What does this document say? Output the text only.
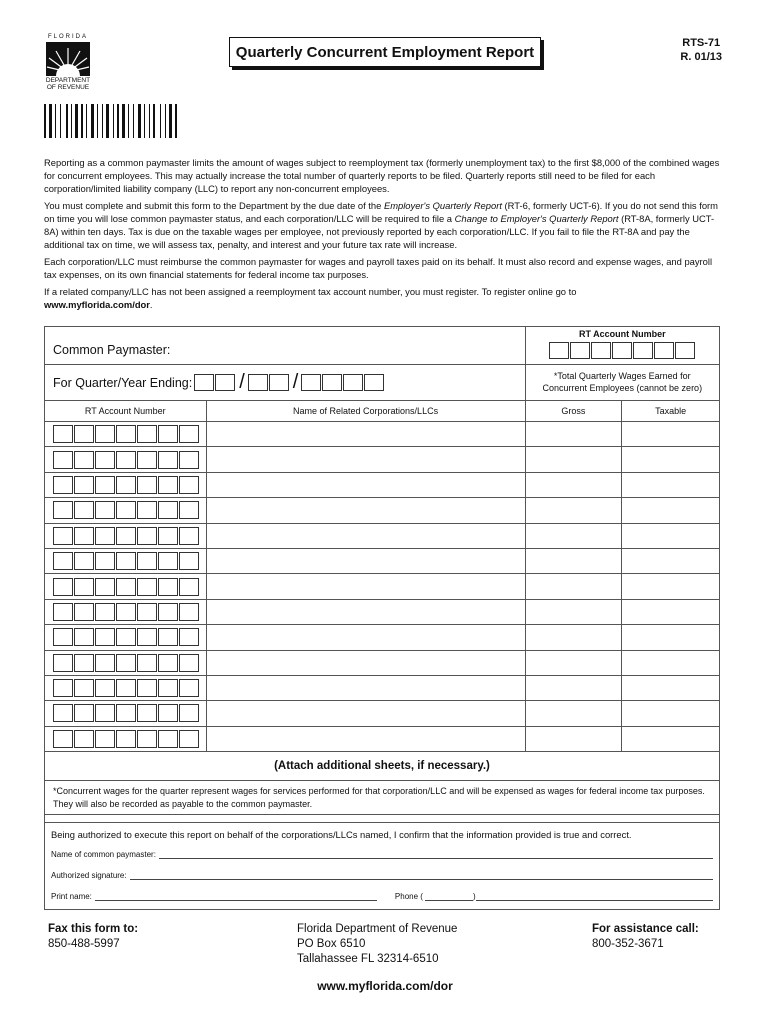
FLORIDA
DEPARTMENT
OF REVENUE
Quarterly Concurrent Employment Report
RTS-71
R. 01/13

Reporting as a common paymaster limits the amount of wages subject to reemployment tax (formerly unemployment tax) to the first $8,000 of the combined wages for concurrent employees. This may actually increase the total number of quarterly reports to be filed. Quarterly reports still need to be filed for each corporation/limited liability company (LLC) to report any non-concurrent employees.

You must complete and submit this form to the Department by the due date of the Employer's Quarterly Report (RT-6, formerly UCT-6). If you do not send this form on time you will lose common paymaster status, and each corporation/LLC will be required to file a Change to Employer's Quarterly Report (RT-8A, formerly UCT-8A) within ten days. Tax is due on the taxable wages per employee, not previously reported by each corporation/LLC. If you fail to file the RT-8A and pay the additional tax on time, we will assess tax, penalty, and interest and your future tax rate will increase.

Each corporation/LLC must reimburse the common paymaster for wages and payroll taxes paid on its behalf. It must also record and expense wages, and payroll tax expenses, on its own financial statements for federal income tax purposes.

If a related company/LLC has not been assigned a reemployment tax account number, you must register. To register online go to
www.myflorida.com/dor.

Common Paymaster:
RT Account Number
For Quarter/Year Ending: / /	*Total Quarterly Wages Earned for
Concurrent Employees (cannot be zero)
RT Account Number	Name of Related Corporations/LLCs	Gross	Taxable
(Attach additional sheets, if necessary.)
*Concurrent wages for the quarter represent wages for services performed for that corporation/LLC and will be expensed as wages for federal income tax purposes. They will also be recorded as payable to the common paymaster.
Being authorized to execute this report on behalf of the corporations/LLCs named, I confirm that the information provided is true and correct.
Name of common paymaster:
Authorized signature:
Print name:	Phone (	)
Fax this form to:
850-488-5997
Florida Department of Revenue
PO Box 6510
Tallahassee FL 32314-6510
For assistance call:
800-352-3671
www.myflorida.com/dor
